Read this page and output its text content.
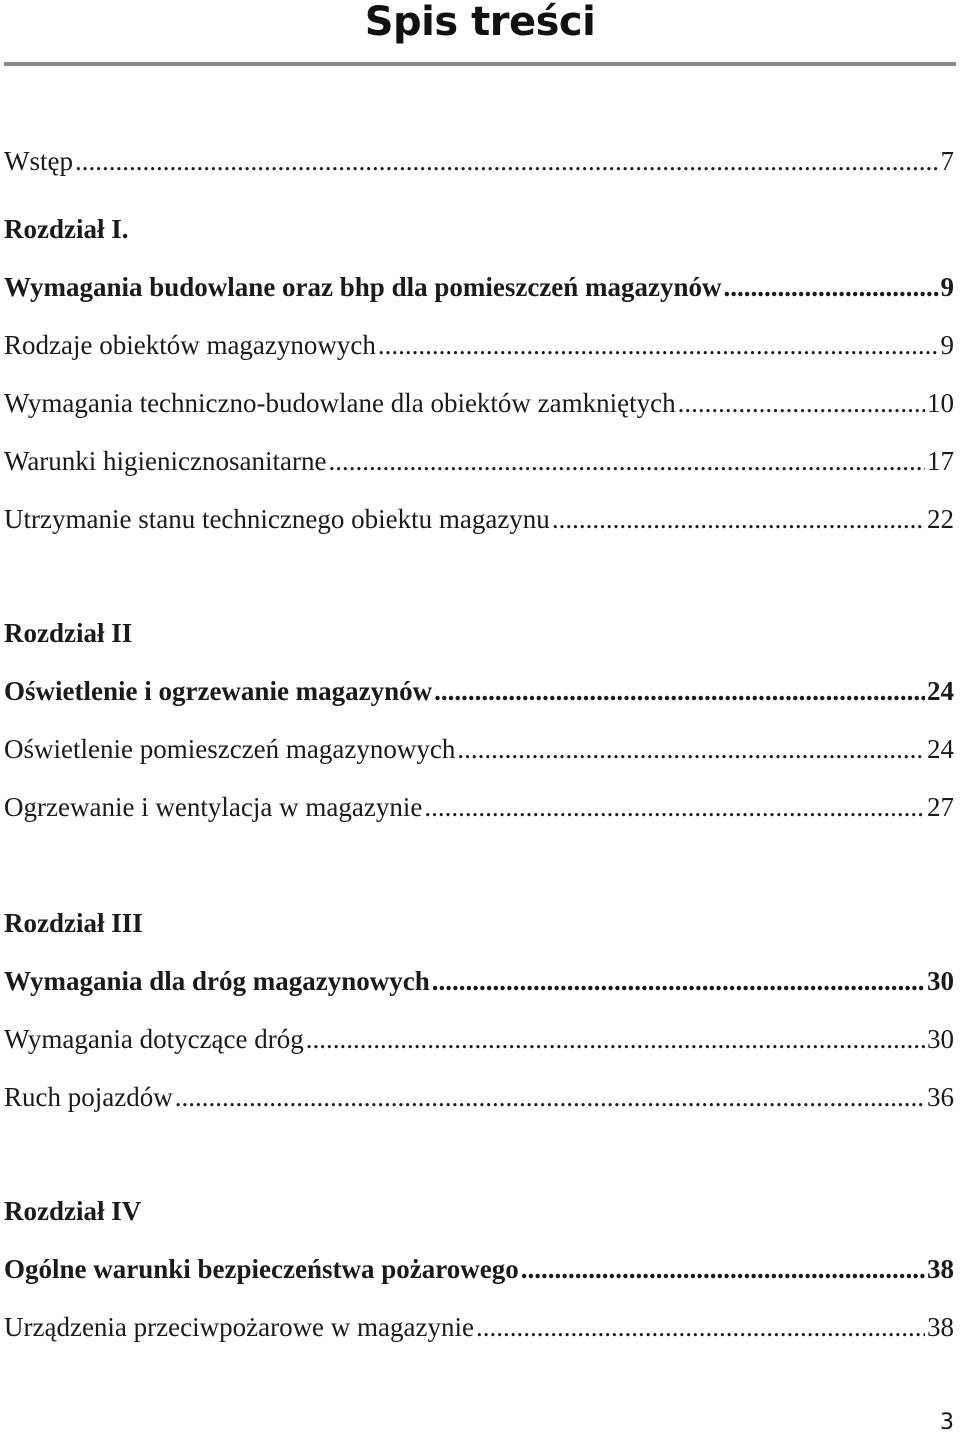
Spis treści
Wstęp .....	7
Rozdział I.
Wymagania budowlane oraz bhp dla pomieszczeń magazynów .....	9
Rodzaje obiektów magazynowych .....	9
Wymagania techniczno-budowlane dla obiektów zamkniętych .....	10
Warunki higienicznosanitarne .....	17
Utrzymanie stanu technicznego obiektu magazynu .....	22
Rozdział II
Oświetlenie i ogrzewanie magazynów .....	24
Oświetlenie pomieszczeń magazynowych .....	24
Ogrzewanie i wentylacja w magazynie .....	27
Rozdział III
Wymagania dla dróg magazynowych .....	30
Wymagania dotyczące dróg .....	30
Ruch pojazdów .....	36
Rozdział IV
Ogólne warunki bezpieczeństwa pożarowego .....	38
Urządzenia przeciwpożarowe w magazynie .....	38
3
